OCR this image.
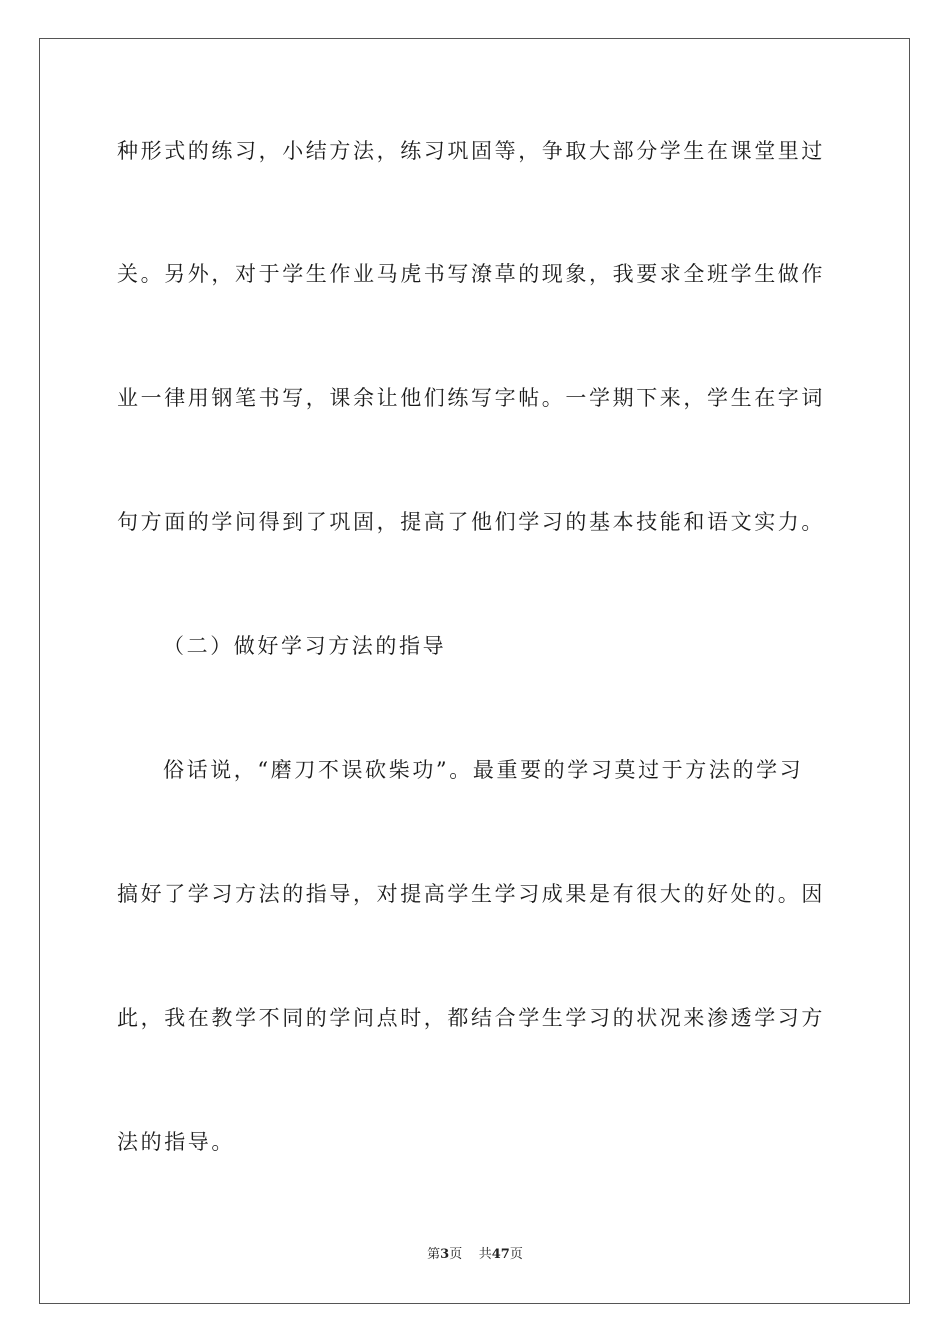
种形式的练习，小结方法，练习巩固等，争取大部分学生在课堂里过
关。另外，对于学生作业马虎书写潦草的现象，我要求全班学生做作
业一律用钢笔书写，课余让他们练写字帖。一学期下来，学生在字词
句方面的学问得到了巩固，提高了他们学习的基本技能和语文实力。
（二）做好学习方法的指导
俗话说，“磨刀不误砍柴功”。最重要的学习莫过于方法的学习
搞好了学习方法的指导，对提高学生学习成果是有很大的好处的。因
此，我在教学不同的学问点时，都结合学生学习的状况来渗透学习方
法的指导。
第3页 共47页
